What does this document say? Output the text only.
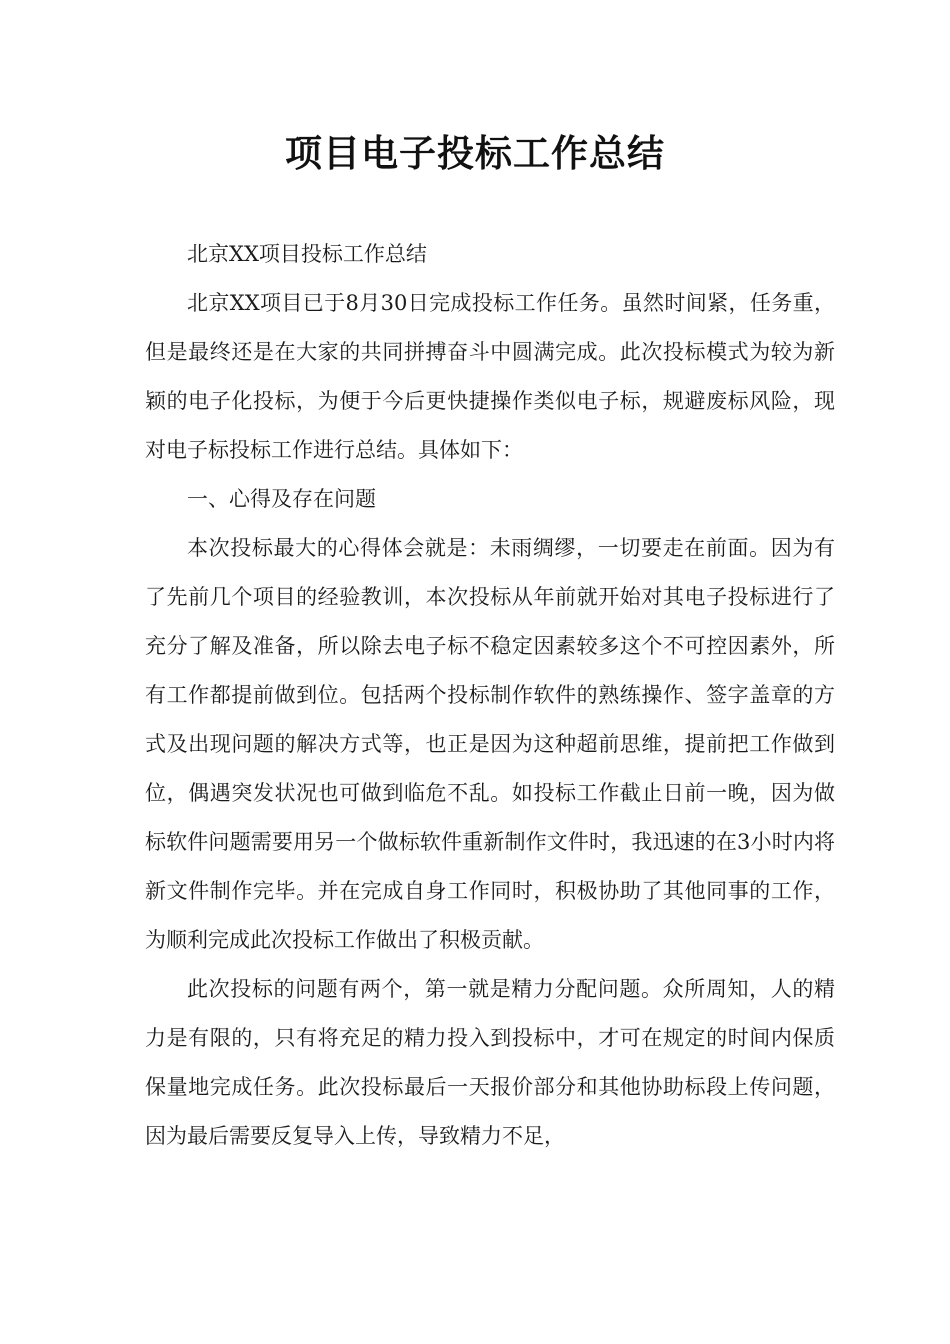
项目电子投标工作总结

北京XX项目投标工作总结

北京XX项目已于8月30日完成投标工作任务。虽然时间紧，任务重，但是最终还是在大家的共同拼搏奋斗中圆满完成。此次投标模式为较为新颖的电子化投标，为便于今后更快捷操作类似电子标，规避废标风险，现对电子标投标工作进行总结。具体如下：

一、心得及存在问题

本次投标最大的心得体会就是：未雨绸缪，一切要走在前面。因为有了先前几个项目的经验教训，本次投标从年前就开始对其电子投标进行了充分了解及准备，所以除去电子标不稳定因素较多这个不可控因素外，所有工作都提前做到位。包括两个投标制作软件的熟练操作、签字盖章的方式及出现问题的解决方式等，也正是因为这种超前思维，提前把工作做到位，偶遇突发状况也可做到临危不乱。如投标工作截止日前一晚，因为做标软件问题需要用另一个做标软件重新制作文件时，我迅速的在3小时内将新文件制作完毕。并在完成自身工作同时，积极协助了其他同事的工作，为顺利完成此次投标工作做出了积极贡献。

此次投标的问题有两个，第一就是精力分配问题。众所周知，人的精力是有限的，只有将充足的精力投入到投标中，才可在规定的时间内保质保量地完成任务。此次投标最后一天报价部分和其他协助标段上传问题，因为最后需要反复导入上传，导致精力不足，
